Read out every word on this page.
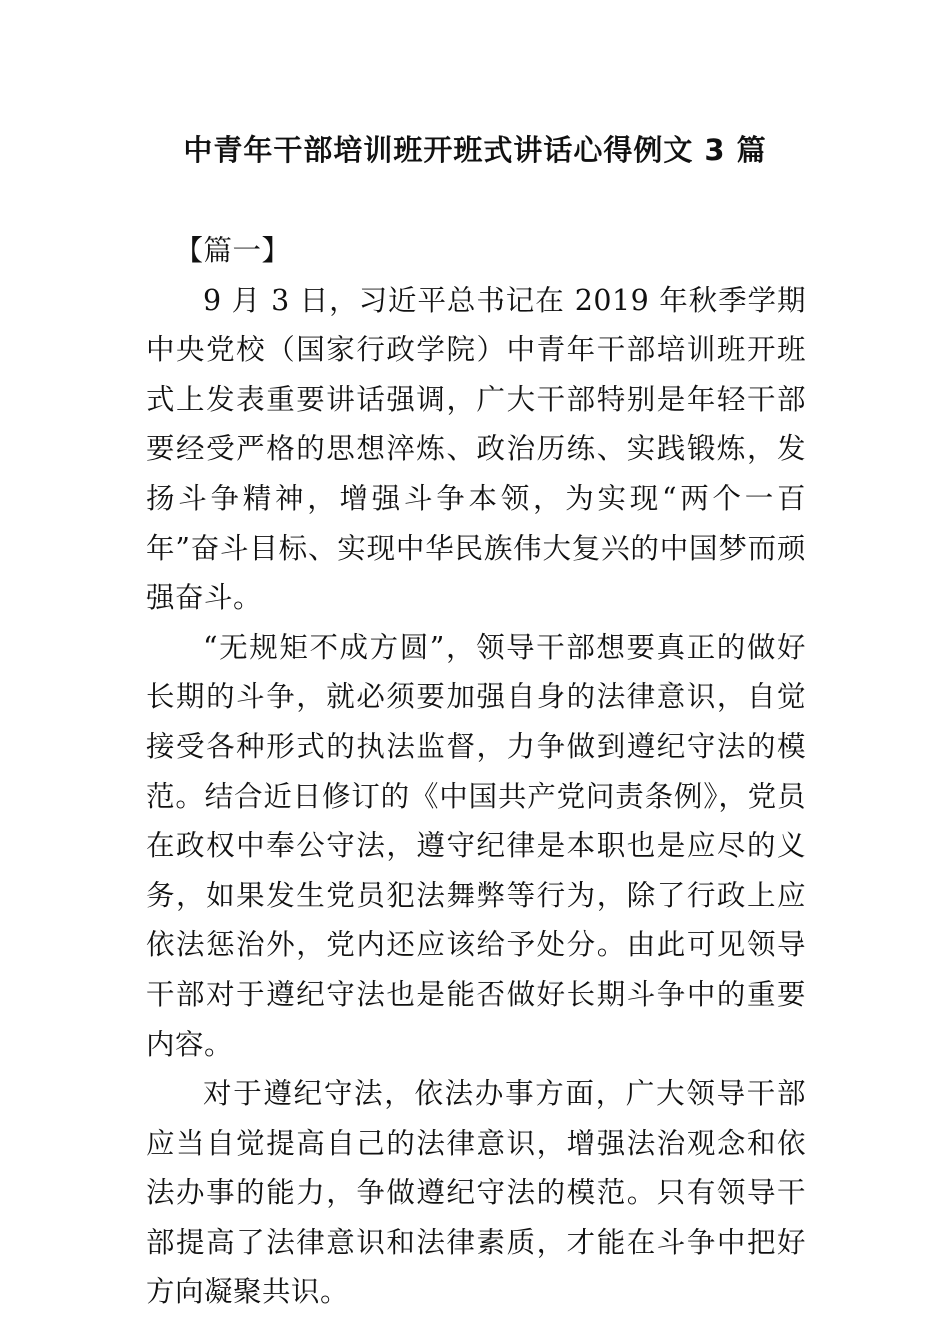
中青年干部培训班开班式讲话心得例文 3 篇
【篇一】

9 月 3 日，习近平总书记在 2019 年秋季学期中央党校（国家行政学院）中青年干部培训班开班式上发表重要讲话强调，广大干部特别是年轻干部要经受严格的思想淬炼、政治历练、实践锻炼，发扬斗争精神，增强斗争本领，为实现“两个一百年”奋斗目标、实现中华民族伟大复兴的中国梦而顽强奋斗。

“无规矩不成方圆”，领导干部想要真正的做好长期的斗争，就必须要加强自身的法律意识，自觉接受各种形式的执法监督，力争做到遵纪守法的模范。结合近日修订的《中国共产党问责条例》，党员在政权中奉公守法，遵守纪律是本职也是应尽的义务，如果发生党员犯法舞弊等行为，除了行政上应依法惩治外，党内还应该给予处分。由此可见领导干部对于遵纪守法也是能否做好长期斗争中的重要内容。

对于遵纪守法，依法办事方面，广大领导干部应当自觉提高自己的法律意识，增强法治观念和依法办事的能力，争做遵纪守法的模范。只有领导干部提高了法律意识和法律素质，才能在斗争中把好方向凝聚共识。
